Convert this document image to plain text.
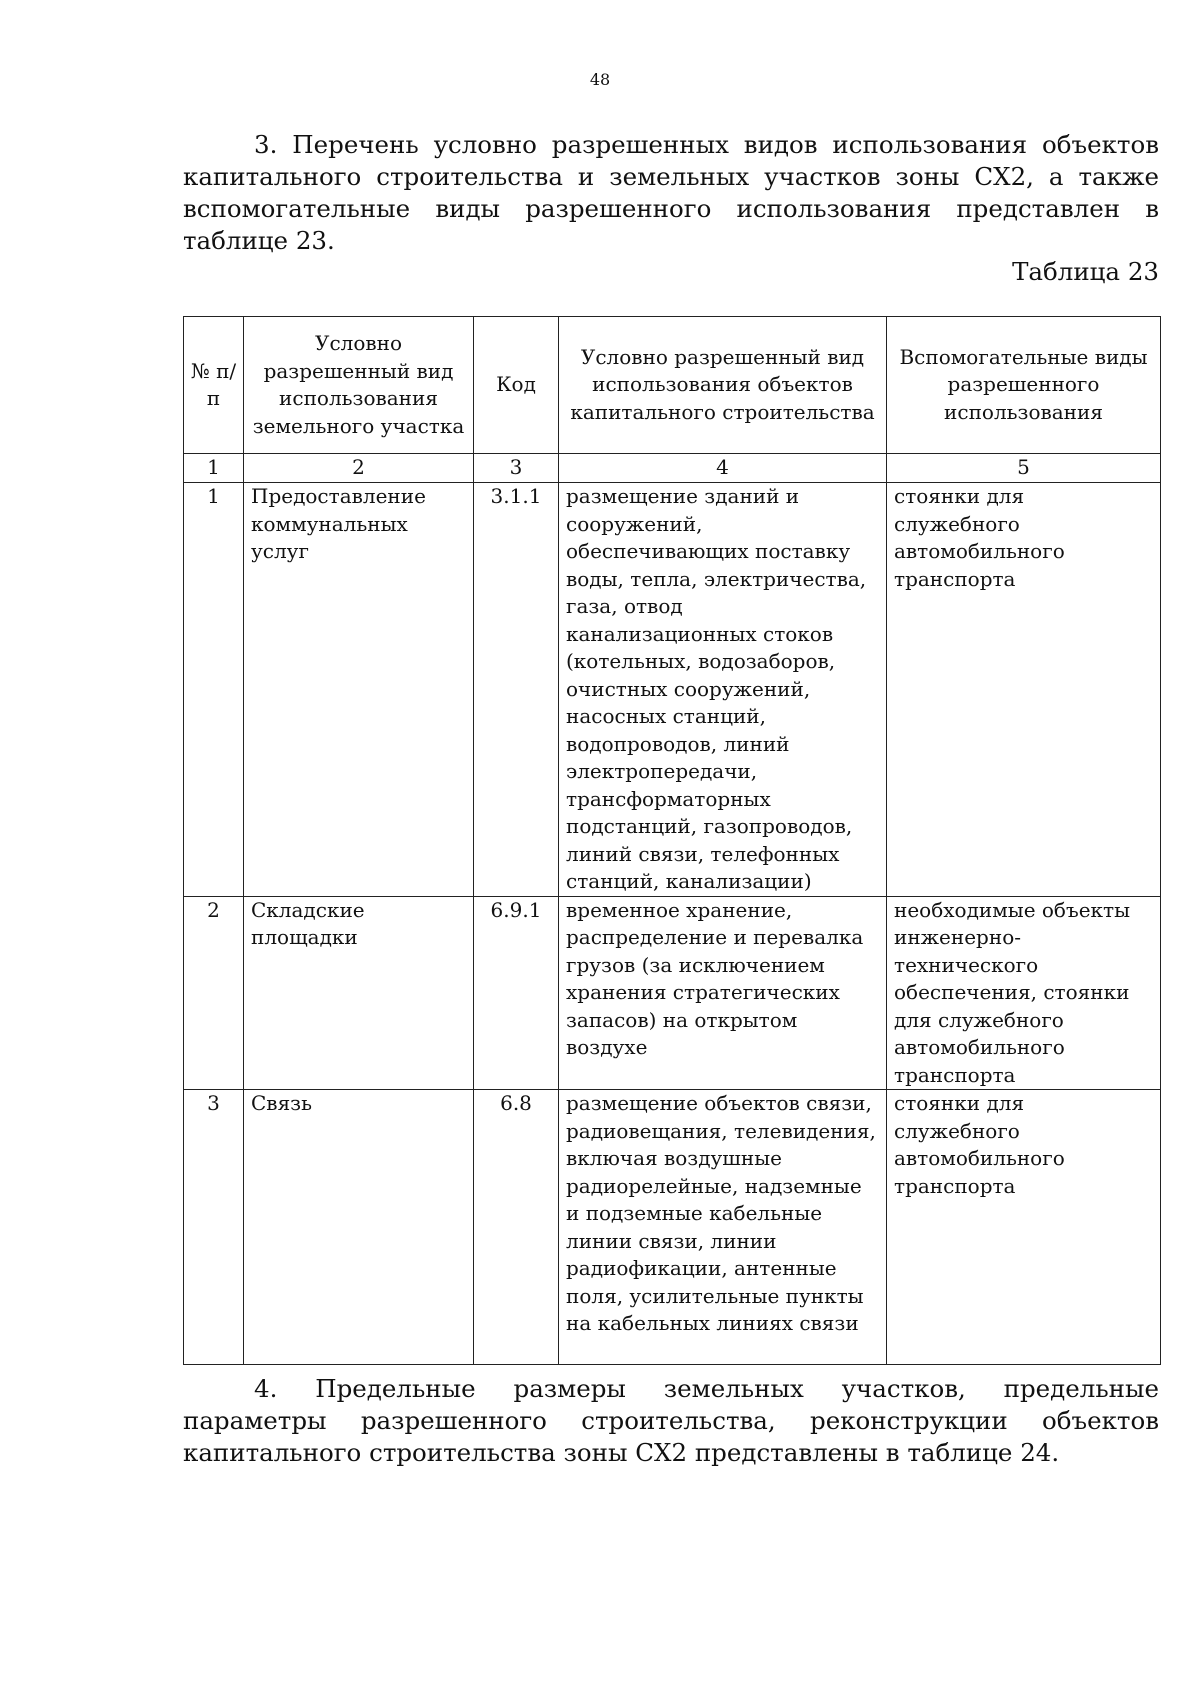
48

3. Перечень условно разрешенных видов использования объектов капитального строительства и земельных участков зоны СХ2, а также вспомогательные виды разрешенного использования представлен в таблице 23.

Таблица 23
№ п/п	Условно разрешенный вид использования земельного участка	Код	Условно разрешенный вид использования объектов капитального строительства	Вспомогательные виды разрешенного использования
1	2	3	4	5
1	Предоставление коммунальных услуг	3.1.1	размещение зданий и сооружений, обеспечивающих поставку воды, тепла, электричества, газа, отвод канализационных стоков (котельных, водозаборов, очистных сооружений, насосных станций, водопроводов, линий электропередачи, трансформаторных подстанций, газопроводов, линий связи, телефонных станций, канализации)	стоянки для служебного автомобильного транспорта
2	Складские площадки	6.9.1	временное хранение, распределение и перевалка грузов (за исключением хранения стратегических запасов) на открытом воздухе	необходимые объекты инженерно-технического обеспечения, стоянки для служебного автомобильного транспорта
3	Связь	6.8	размещение объектов связи, радиовещания, телевидения, включая воздушные радиорелейные, надземные и подземные кабельные линии связи, линии радиофикации, антенные поля, усилительные пункты на кабельных линиях связи	стоянки для служебного автомобильного транспорта

4. Предельные размеры земельных участков, предельные параметры разрешенного строительства, реконструкции объектов капитального строительства зоны СХ2 представлены в таблице 24.
